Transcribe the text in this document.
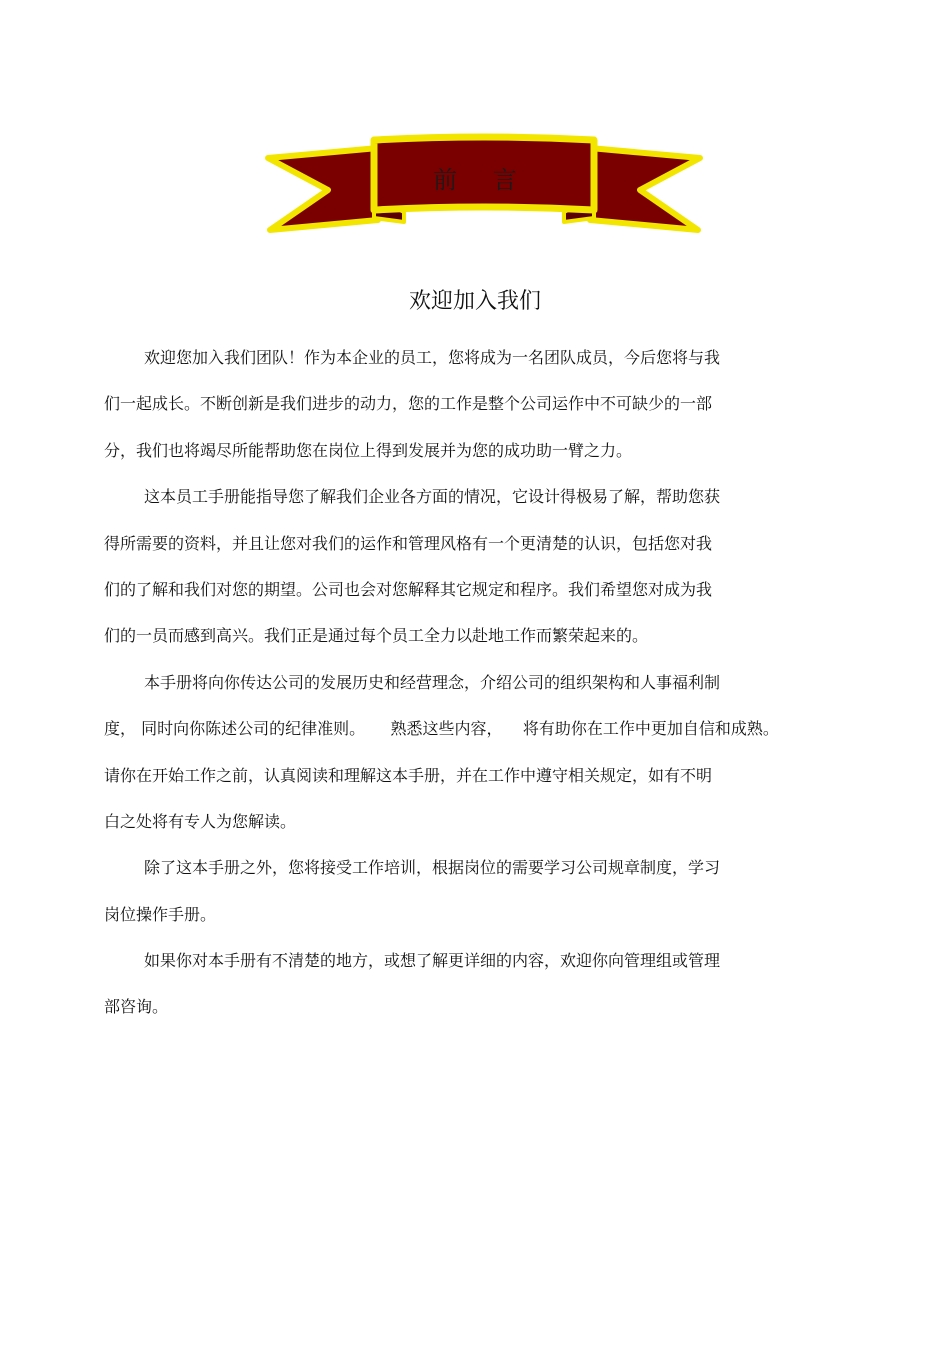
前 言
欢迎加入我们
欢迎您加入我们团队！作为本企业的员工，您将成为一名团队成员，今后您将与我
们一起成长。不断创新是我们进步的动力，您的工作是整个公司运作中不可缺少的一部
分，我们也将竭尽所能帮助您在岗位上得到发展并为您的成功助一臂之力。
这本员工手册能指导您了解我们企业各方面的情况，它设计得极易了解，帮助您获
得所需要的资料，并且让您对我们的运作和管理风格有一个更清楚的认识，包括您对我
们的了解和我们对您的期望。公司也会对您解释其它规定和程序。我们希望您对成为我
们的一员而感到高兴。我们正是通过每个员工全力以赴地工作而繁荣起来的。
本手册将向你传达公司的发展历史和经营理念，介绍公司的组织架构和人事福利制
度， 同时向你陈述公司的纪律准则。     熟悉这些内容，    将有助你在工作中更加自信和成熟。
请你在开始工作之前，认真阅读和理解这本手册，并在工作中遵守相关规定，如有不明
白之处将有专人为您解读。
除了这本手册之外，您将接受工作培训，根据岗位的需要学习公司规章制度，学习
岗位操作手册。
如果你对本手册有不清楚的地方，或想了解更详细的内容，欢迎你向管理组或管理
部咨询。
